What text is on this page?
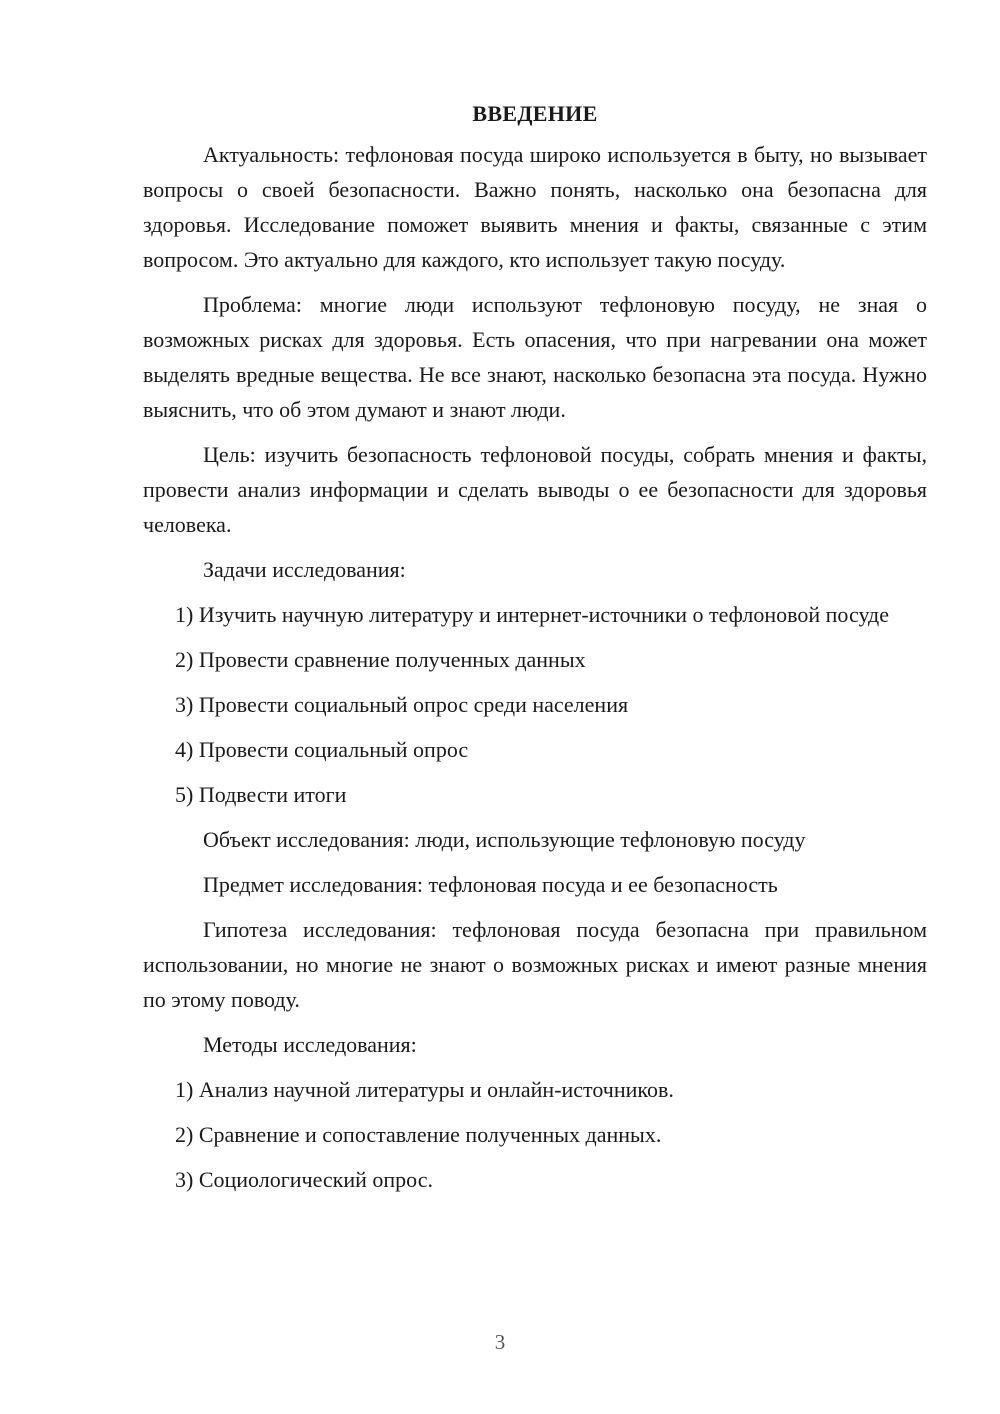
ВВЕДЕНИЕ

Актуальность: тефлоновая посуда широко используется в быту, но вызывает вопросы о своей безопасности. Важно понять, насколько она безопасна для здоровья. Исследование поможет выявить мнения и факты, связанные с этим вопросом. Это актуально для каждого, кто использует такую посуду.

Проблема: многие люди используют тефлоновую посуду, не зная о возможных рисках для здоровья. Есть опасения, что при нагревании она может выделять вредные вещества. Не все знают, насколько безопасна эта посуда. Нужно выяснить, что об этом думают и знают люди.

Цель: изучить безопасность тефлоновой посуды, собрать мнения и факты, провести анализ информации и сделать выводы о ее безопасности для здоровья человека.

Задачи исследования:

1) Изучить научную литературу и интернет-источники о тефлоновой посуде

2) Провести сравнение полученных данных

3) Провести социальный опрос среди населения

4) Провести социальный опрос

5) Подвести итоги

Объект исследования: люди, использующие тефлоновую посуду

Предмет исследования: тефлоновая посуда и ее безопасность

Гипотеза исследования: тефлоновая посуда безопасна при правильном использовании, но многие не знают о возможных рисках и имеют разные мнения по этому поводу.

Методы исследования:

1) Анализ научной литературы и онлайн-источников.

2) Сравнение и сопоставление полученных данных.

3) Социологический опрос.

3
